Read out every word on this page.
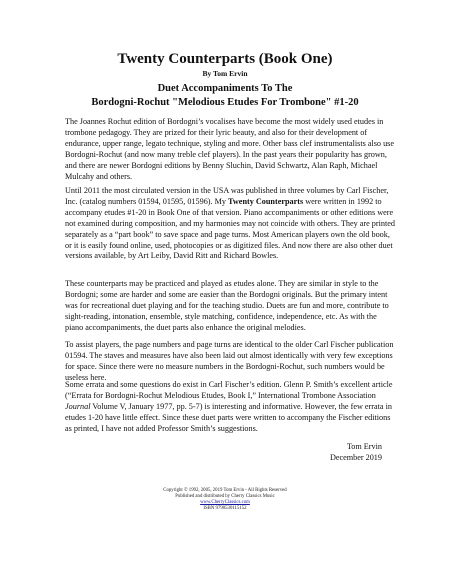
Twenty Counterparts (Book One)

By Tom Ervin

Duet Accompaniments To The

Bordogni-Rochut "Melodious Etudes For Trombone" #1-20

The Joannes Rochut edition of Bordogni’s vocalises have become the most widely used etudes in trombone pedagogy. They are prized for their lyric beauty, and also for their development of endurance, upper range, legato technique, styling and more. Other bass clef instrumentalists also use Bordogni-Rochut (and now many treble clef players). In the past years their popularity has grown, and there are newer Bordogni editions by Benny Sluchin, David Schwartz, Alan Raph, Michael Mulcahy and others.

Until 2011 the most circulated version in the USA was published in three volumes by Carl Fischer, Inc. (catalog numbers 01594, 01595, 01596). My Twenty Counterparts were written in 1992 to accompany etudes #1-20 in Book One of that version. Piano accompaniments or other editions were not examined during composition, and my harmonies may not coincide with others. They are printed separately as a “part book” to save space and page turns. Most American players own the old book, or it is easily found online, used, photocopies or as digitized files. And now there are also other duet versions available, by Art Leiby, David Ritt and Richard Bowles.

These counterparts may be practiced and played as etudes alone. They are similar in style to the Bordogni; some are harder and some are easier than the Bordogni originals. But the primary intent was for recreational duet playing and for the teaching studio. Duets are fun and more, contribute to sight-reading, intonation, ensemble, style matching, confidence, independence, etc. As with the piano accompaniments, the duet parts also enhance the original melodies.

To assist players, the page numbers and page turns are identical to the older Carl Fischer publication 01594. The staves and measures have also been laid out almost identically with very few exceptions for space. Since there were no measure numbers in the Bordogni-Rochut, such numbers would be useless here.

Some errata and some questions do exist in Carl Fischer’s edition. Glenn P. Smith’s excellent article (“Errata for Bordogni-Rochut Melodious Etudes, Book I,” International Trombone Association Journal Volume V, January 1977, pp. 5-7) is interesting and informative. However, the few errata in etudes 1-20 have little effect. Since these duet parts were written to accompany the Fischer editions as printed, I have not added Professor Smith’s suggestions.

Tom Ervin

December 2019

Copyright © 1992, 2005, 2019 Tom Ervin - All Rights Reserved

Published and distributed by Cherry Classics Music

www.CherryClassics.com

ISBN 9790530115152
